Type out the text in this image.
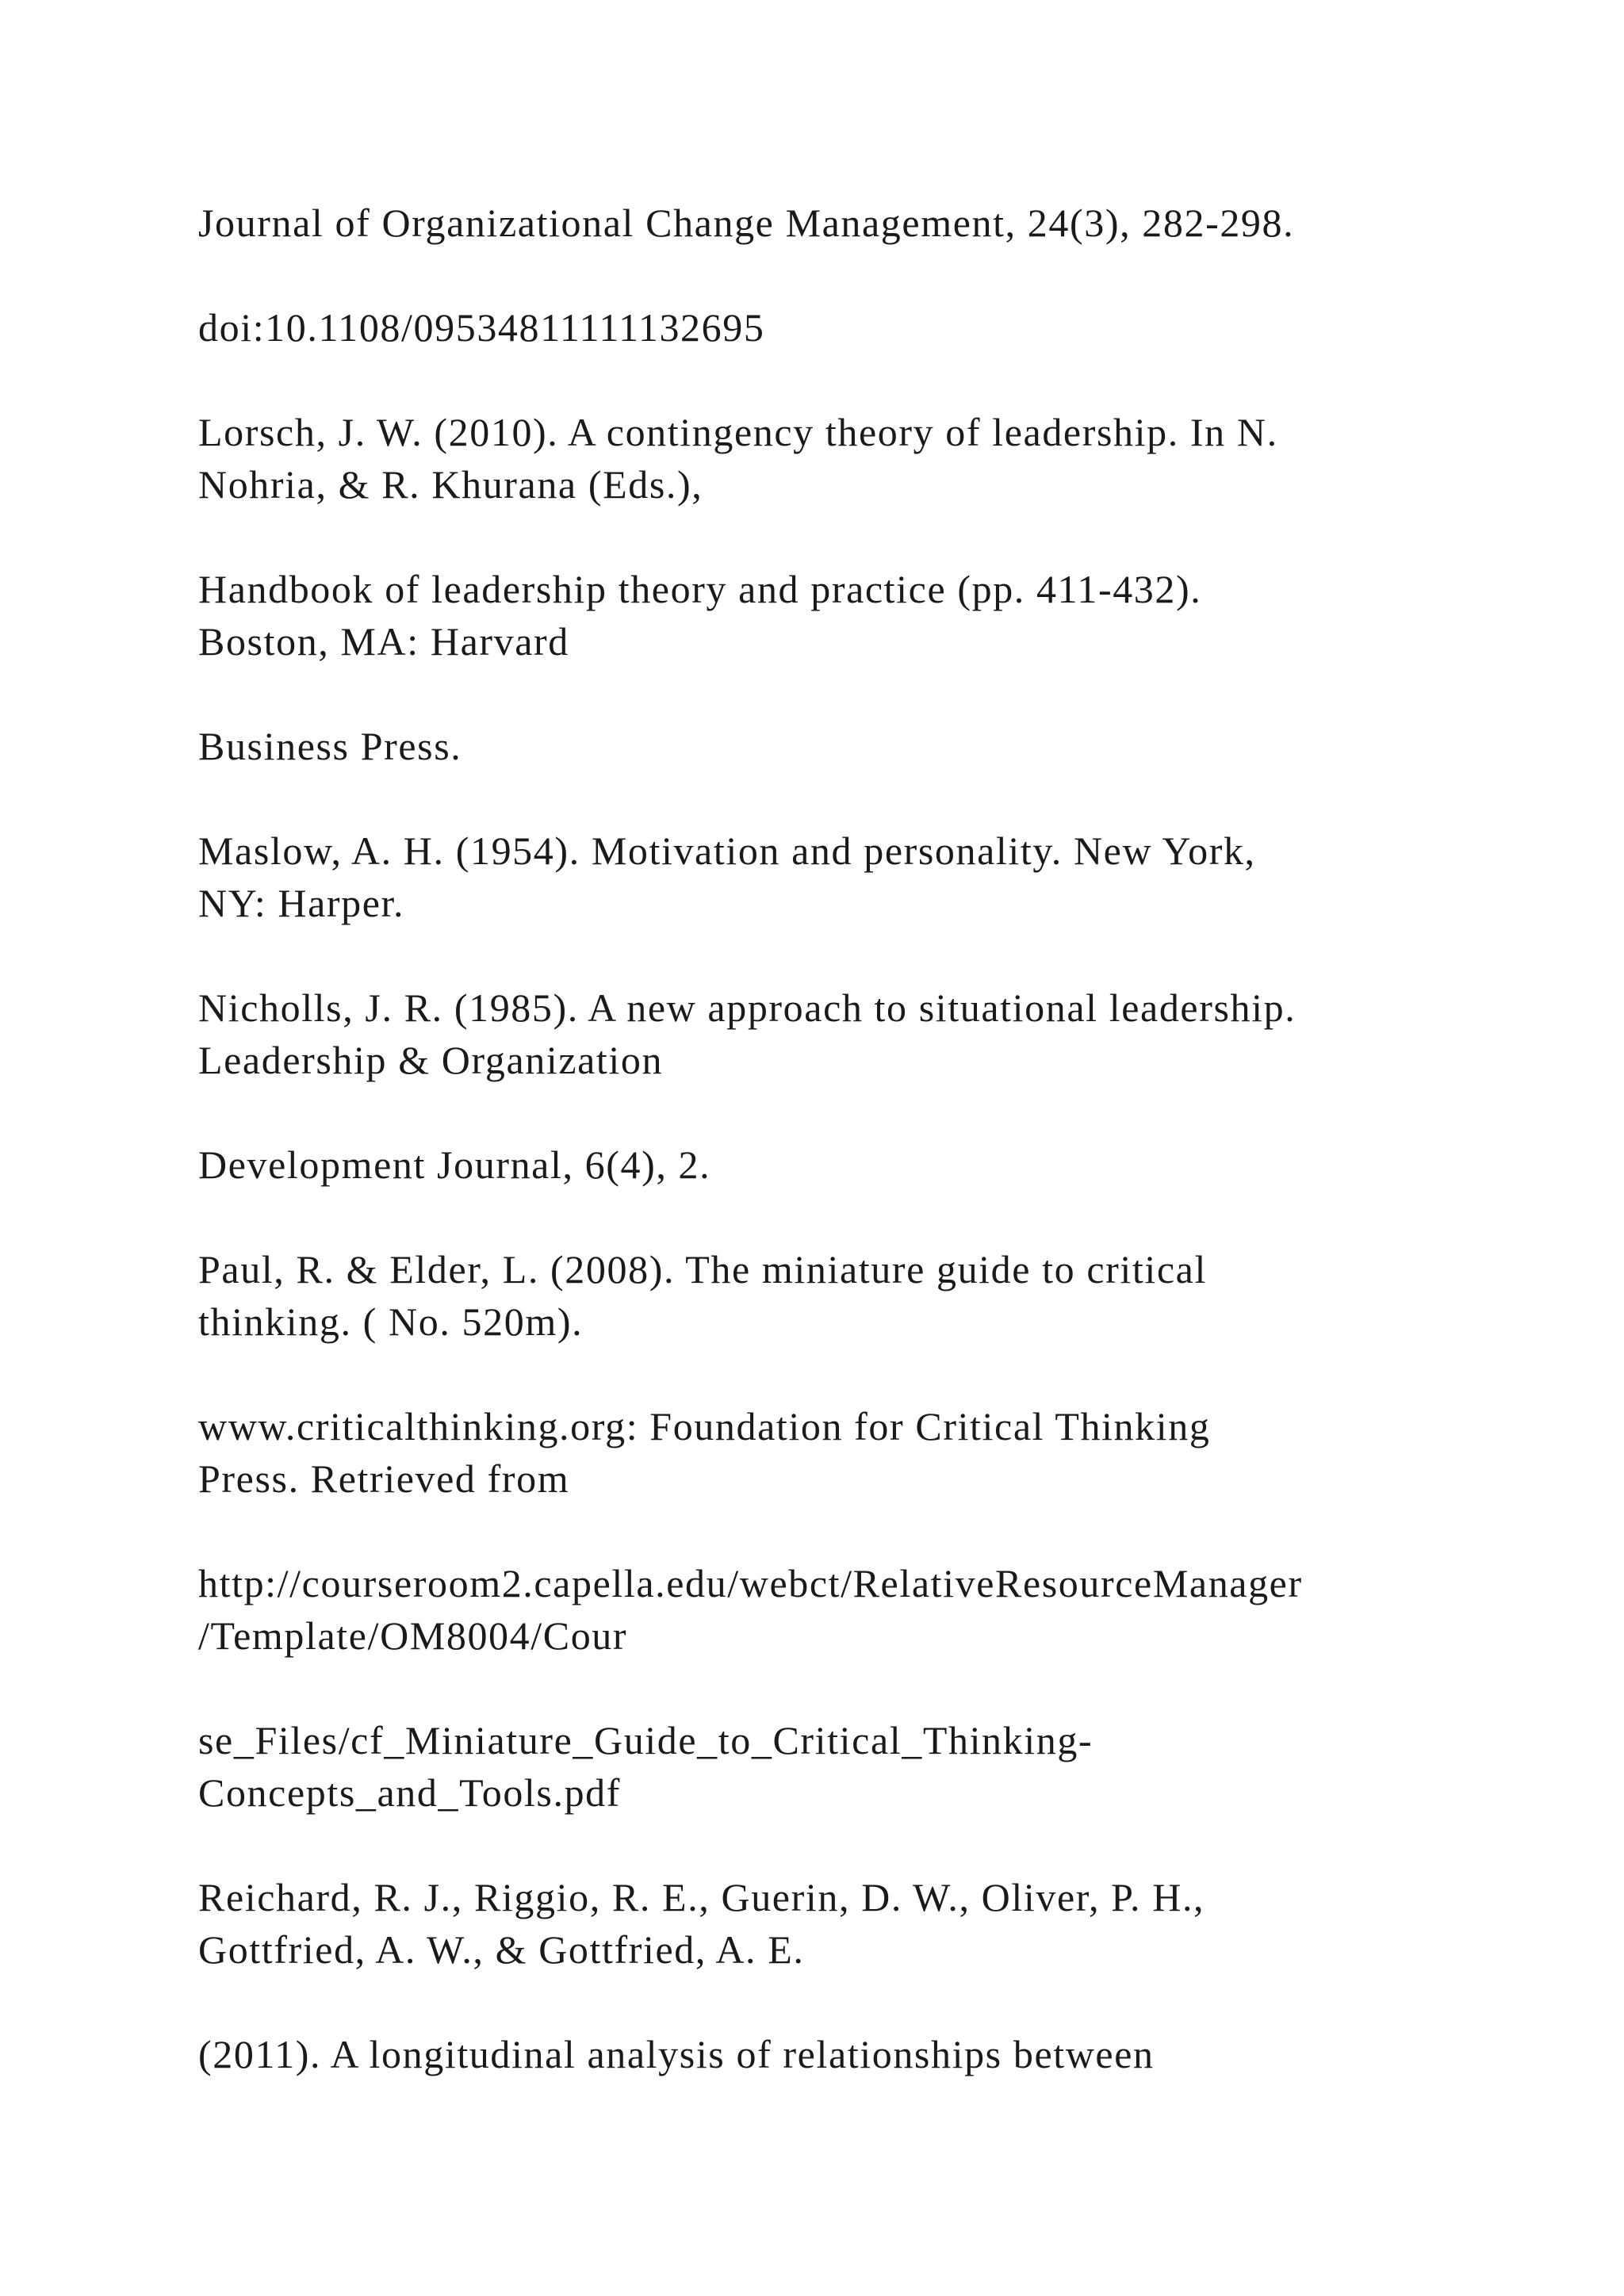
Journal of Organizational Change Management, 24(3), 282-298.
doi:10.1108/09534811111132695
Lorsch, J. W. (2010). A contingency theory of leadership. In N.
Nohria, & R. Khurana (Eds.),
Handbook of leadership theory and practice (pp. 411-432).
Boston, MA: Harvard
Business Press.
Maslow, A. H. (1954). Motivation and personality. New York,
NY: Harper.
Nicholls, J. R. (1985). A new approach to situational leadership.
Leadership & Organization
Development Journal, 6(4), 2.
Paul, R. & Elder, L. (2008). The miniature guide to critical
thinking. ( No. 520m).
www.criticalthinking.org: Foundation for Critical Thinking
Press. Retrieved from
http://courseroom2.capella.edu/webct/RelativeResourceManager
/Template/OM8004/Cour
se_Files/cf_Miniature_Guide_to_Critical_Thinking-
Concepts_and_Tools.pdf
Reichard, R. J., Riggio, R. E., Guerin, D. W., Oliver, P. H.,
Gottfried, A. W., & Gottfried, A. E.
(2011). A longitudinal analysis of relationships between
